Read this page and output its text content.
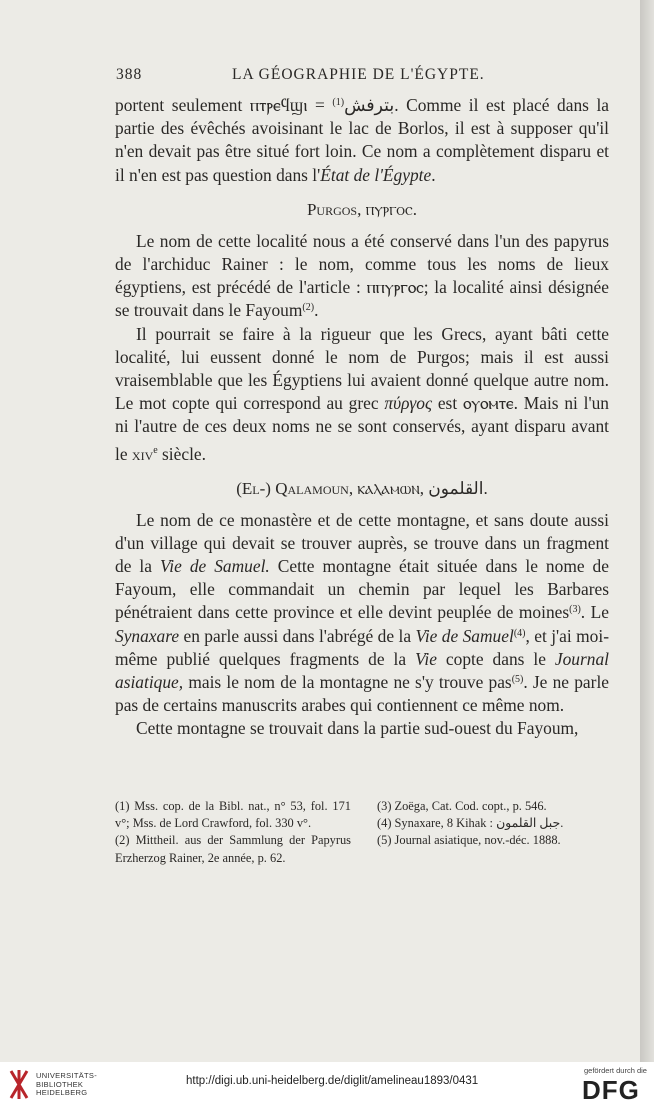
388	LA GÉOGRAPHIE DE L'ÉGYPTE.

portent seulement ⲡⲧⲣⲉϥϣⲓ = ﺑﺘﺮﻓﺶ$^{(1)}$	. Comme il est placé dans la partie des évêchés avoisinant le lac de Borlos, il est à supposer qu'il n'en devait pas être situé fort loin. Ce nom a complètement disparu et il n'en est pas question dans l'État de l'Égypte.

Purgos, ⲡⲩⲣⲅⲟⲥ.

Le nom de cette localité nous a été conservé dans l'un des papyrus de l'archiduc Rainer : le nom, comme tous les noms de lieux égyptiens, est précédé de l'article : ⲡⲡⲩⲣⲅⲟⲥ; la localité ainsi désignée se trouvait dans le Fayoum$^{(2)}$.

Il pourrait se faire à la rigueur que les Grecs, ayant bâti cette localité, lui eussent donné le nom de Purgos; mais il est aussi vraisemblable que les Égyptiens lui avaient donné quelque autre nom. Le mot copte qui correspond au grec πύργος est ⲟⲩⲟⲙⲧⲉ. Mais ni l'un ni l'autre de ces deux noms ne se sont conservés, ayant disparu avant le xiv$^e$ siècle.

(El-) Qalamoun, ⲕⲁⲗⲁⲙⲱⲛ, ﺍﻟﻘﻠﻤﻮﻥ.

Le nom de ce monastère et de cette montagne, et sans doute aussi d'un village qui devait se trouver auprès, se trouve dans un fragment de la Vie de Samuel. Cette montagne était située dans le nome de Fayoum, elle commandait un chemin par lequel les Barbares pénétraient dans cette province et elle devint peuplée de moines$^{(3)}$. Le Synaxare en parle aussi dans l'abrégé de la Vie de Samuel$^{(4)}$, et j'ai moi-même publié quelques fragments de la Vie copte dans le Journal asiatique, mais le nom de la montagne ne s'y trouve pas$^{(5)}$. Je ne parle pas de certains manuscrits arabes qui contiennent ce même nom.

Cette montagne se trouvait dans la partie sud-ouest du Fayoum,

(1) Mss. cop. de la Bibl. nat., n° 53, fol. 171 v°; Mss. de Lord Crawford, fol. 330 v°.
(2) Mittheil. aus der Sammlung der Papyrus Erzherzog Rainer, 2e année, p. 62.
(3) Zoëga, Cat. Cod. copt., p. 546.
(4) Synaxare, 8 Kihak : ﺟﺒﻞ ﺍﻟﻘﻠﻤﻮﻥ.
(5) Journal asiatique, nov.-déc. 1888.
UNIVERSITÄTS-
BIBLIOTHEK
HEIDELBERG
http://digi.ub.uni-heidelberg.de/diglit/amelineau1893/0431
gefördert durch die
DFG
